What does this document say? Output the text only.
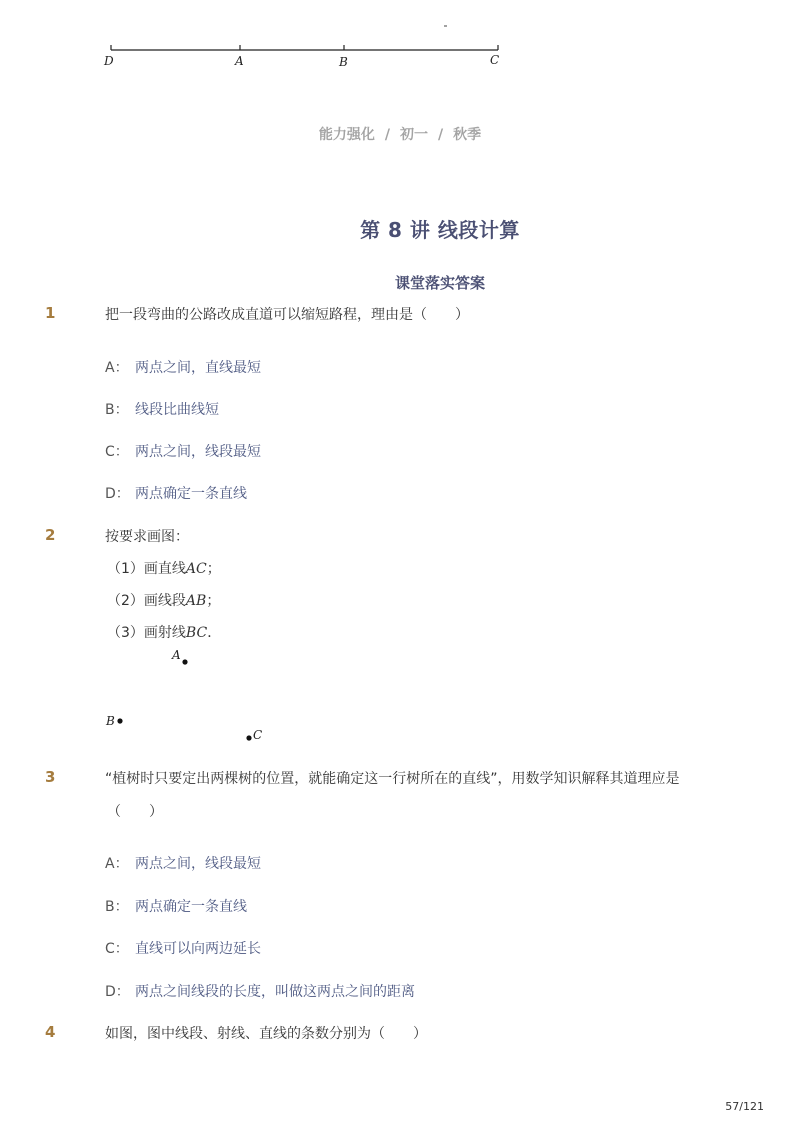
D	A	B	C
能力强化 / 初一 / 秋季
第 8 讲 线段计算
课堂落实答案
1	把一段弯曲的公路改成直道可以缩短路程，理由是（　　）
A： 两点之间，直线最短
B： 线段比曲线短
C： 两点之间，线段最短
D： 两点确定一条直线
2	按要求画图：
（1）画直线AC；
（2）画线段AB；
（3）画射线BC．
A
B
C
3	“植树时只要定出两棵树的位置，就能确定这一行树所在的直线”，用数学知识解释其道理应是
（　　）
A： 两点之间，线段最短
B： 两点确定一条直线
C： 直线可以向两边延长
D： 两点之间线段的长度，叫做这两点之间的距离
4	如图，图中线段、射线、直线的条数分别为（　　）
57/121
